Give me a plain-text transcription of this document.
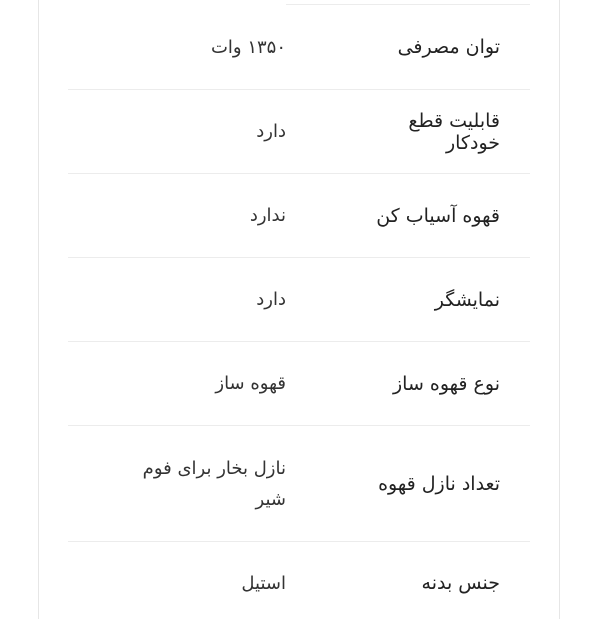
توان مصرفی
۱۳۵۰ وات
قابلیت قطع خودکار
دارد
قهوه آسیاب کن
ندارد
نمایشگر
دارد
نوع قهوه ساز
قهوه ساز
تعداد نازل قهوه
نازل بخار برای فوم شیر
جنس بدنه
استیل
